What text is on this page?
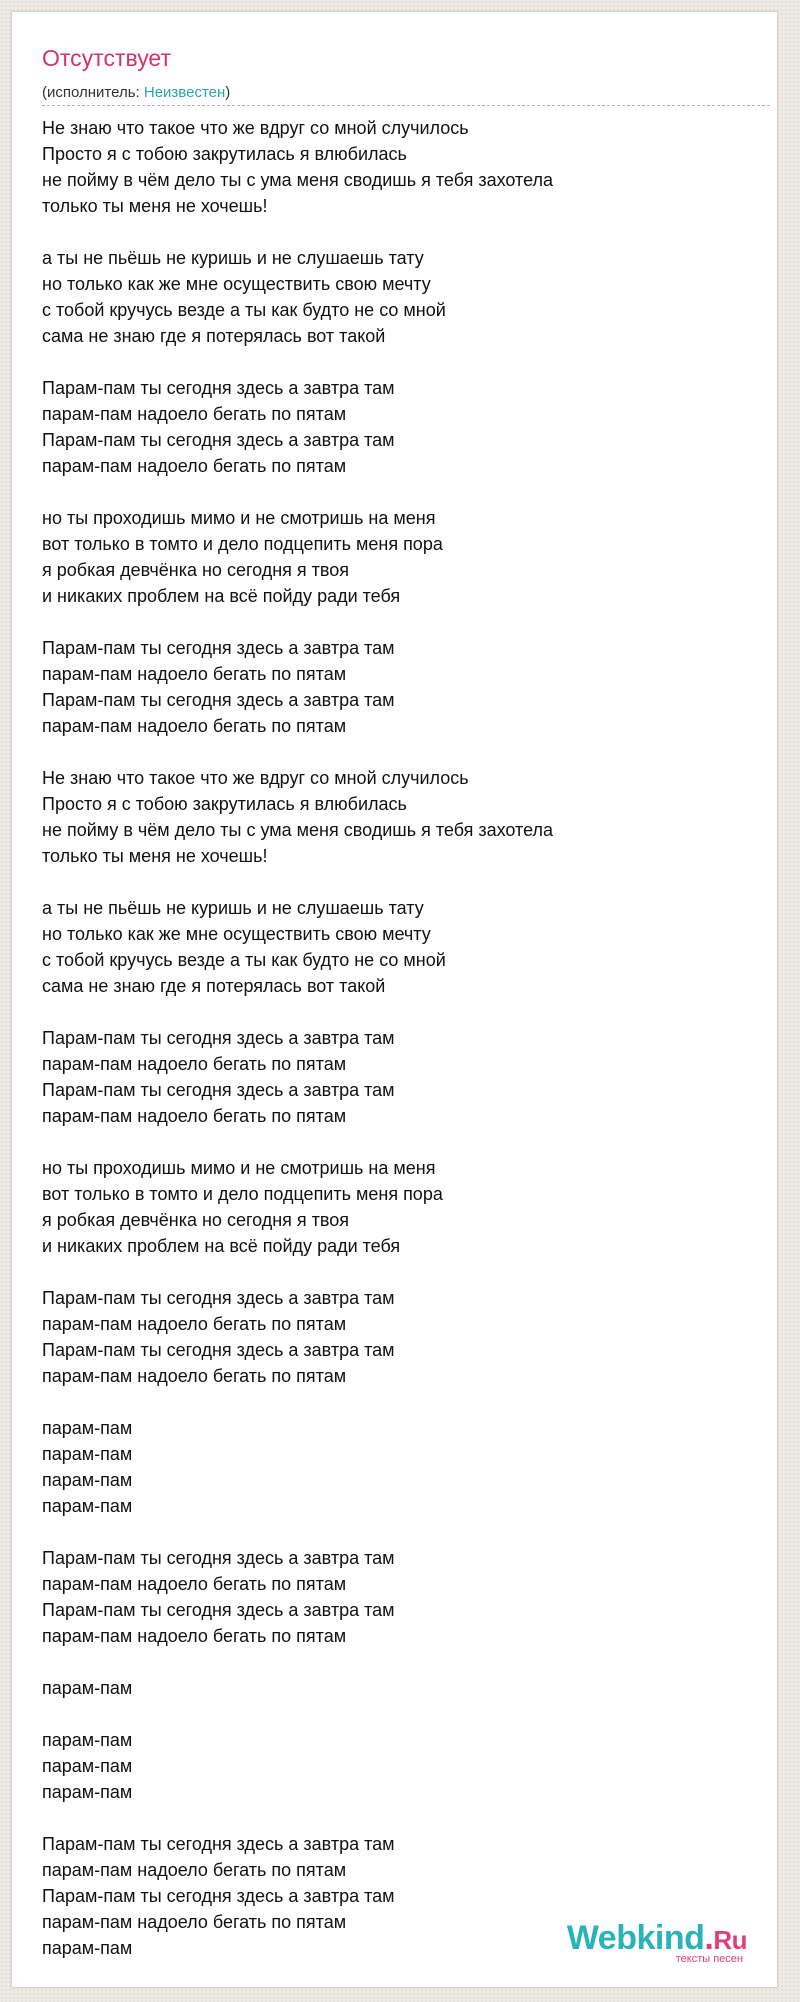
Отсутствует
(исполнитель: Неизвестен)
Не знаю что такое что же вдруг со мной случилось
Просто я с тобою закрутилась я влюбилась
не пойму в чём дело ты с ума меня сводишь я тебя захотела
только ты меня не хочешь!
а ты не пьёшь не куришь и не слушаешь тату
но только как же мне осуществить свою мечту
с тобой кручусь везде а ты как будто не со мной
сама не знаю где я потерялась вот такой
Парам-пам ты сегодня здесь а завтра там
парам-пам надоело бегать по пятам
Парам-пам ты сегодня здесь а завтра там
парам-пам надоело бегать по пятам
но ты проходишь мимо и не смотришь на меня
вот только в томто и дело подцепить меня пора
я робкая девчёнка но сегодня я твоя
и никаких проблем на всё пойду ради тебя
Парам-пам ты сегодня здесь а завтра там
парам-пам надоело бегать по пятам
Парам-пам ты сегодня здесь а завтра там
парам-пам надоело бегать по пятам
Не знаю что такое что же вдруг со мной случилось
Просто я с тобою закрутилась я влюбилась
не пойму в чём дело ты с ума меня сводишь я тебя захотела
только ты меня не хочешь!
а ты не пьёшь не куришь и не слушаешь тату
но только как же мне осуществить свою мечту
с тобой кручусь везде а ты как будто не со мной
сама не знаю где я потерялась вот такой
Парам-пам ты сегодня здесь а завтра там
парам-пам надоело бегать по пятам
Парам-пам ты сегодня здесь а завтра там
парам-пам надоело бегать по пятам
но ты проходишь мимо и не смотришь на меня
вот только в томто и дело подцепить меня пора
я робкая девчёнка но сегодня я твоя
и никаких проблем на всё пойду ради тебя
Парам-пам ты сегодня здесь а завтра там
парам-пам надоело бегать по пятам
Парам-пам ты сегодня здесь а завтра там
парам-пам надоело бегать по пятам
парам-пам
парам-пам
парам-пам
парам-пам
Парам-пам ты сегодня здесь а завтра там
парам-пам надоело бегать по пятам
Парам-пам ты сегодня здесь а завтра там
парам-пам надоело бегать по пятам
парам-пам
парам-пам
парам-пам
парам-пам
Парам-пам ты сегодня здесь а завтра там
парам-пам надоело бегать по пятам
Парам-пам ты сегодня здесь а завтра там
парам-пам надоело бегать по пятам
парам-пам	Webkind.Ru
тексты песен
